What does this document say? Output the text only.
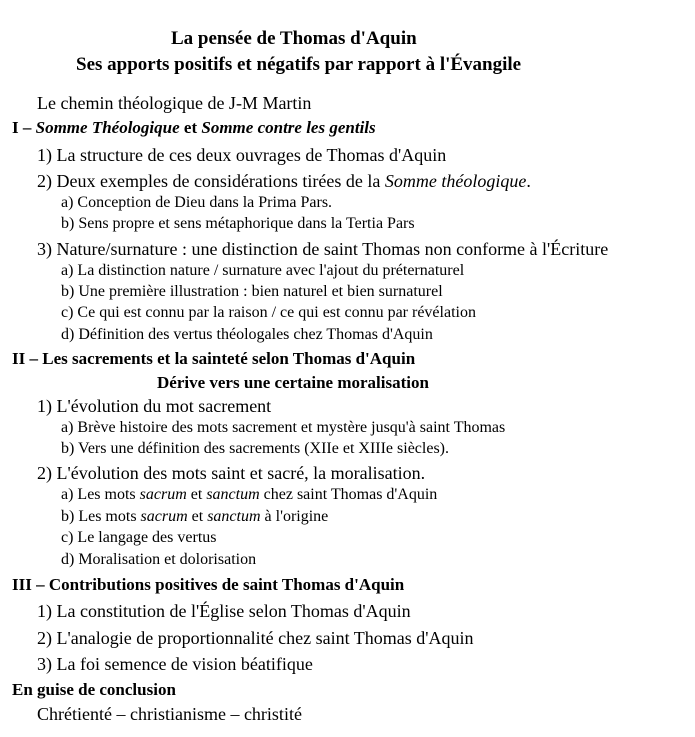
La pensée de Thomas d'Aquin
Ses apports positifs et négatifs par rapport à l'Évangile
Le chemin théologique de J-M Martin
I – Somme Théologique et Somme contre les gentils
1) La structure de ces deux ouvrages de Thomas d'Aquin
2) Deux exemples de considérations tirées de la Somme théologique.
a) Conception de Dieu dans la Prima Pars.
b) Sens propre et sens métaphorique dans la Tertia Pars
3) Nature/surnature : une distinction de saint Thomas non conforme à l'Écriture
a) La distinction nature / surnature avec l'ajout du préternaturel
b) Une première illustration : bien naturel et bien surnaturel
c) Ce qui est connu par la raison / ce qui est connu par révélation
d) Définition des vertus théologales chez Thomas d'Aquin
II – Les sacrements et la sainteté selon Thomas d'Aquin
Dérive vers une certaine moralisation
1) L'évolution du mot sacrement
a) Brève histoire des mots sacrement et mystère jusqu'à saint Thomas
b) Vers une définition des sacrements (XIIe et XIIIe siècles).
2) L'évolution des mots saint et sacré, la moralisation.
a) Les mots sacrum et sanctum chez saint Thomas d'Aquin
b) Les mots sacrum et sanctum à l'origine
c) Le langage des vertus
d) Moralisation et dolorisation
III – Contributions positives de saint Thomas d'Aquin
1) La constitution de l'Église selon Thomas d'Aquin
2) L'analogie de proportionnalité chez saint Thomas d'Aquin
3) La foi semence de vision béatifique
En guise de conclusion
Chrétienté – christianisme – christité
